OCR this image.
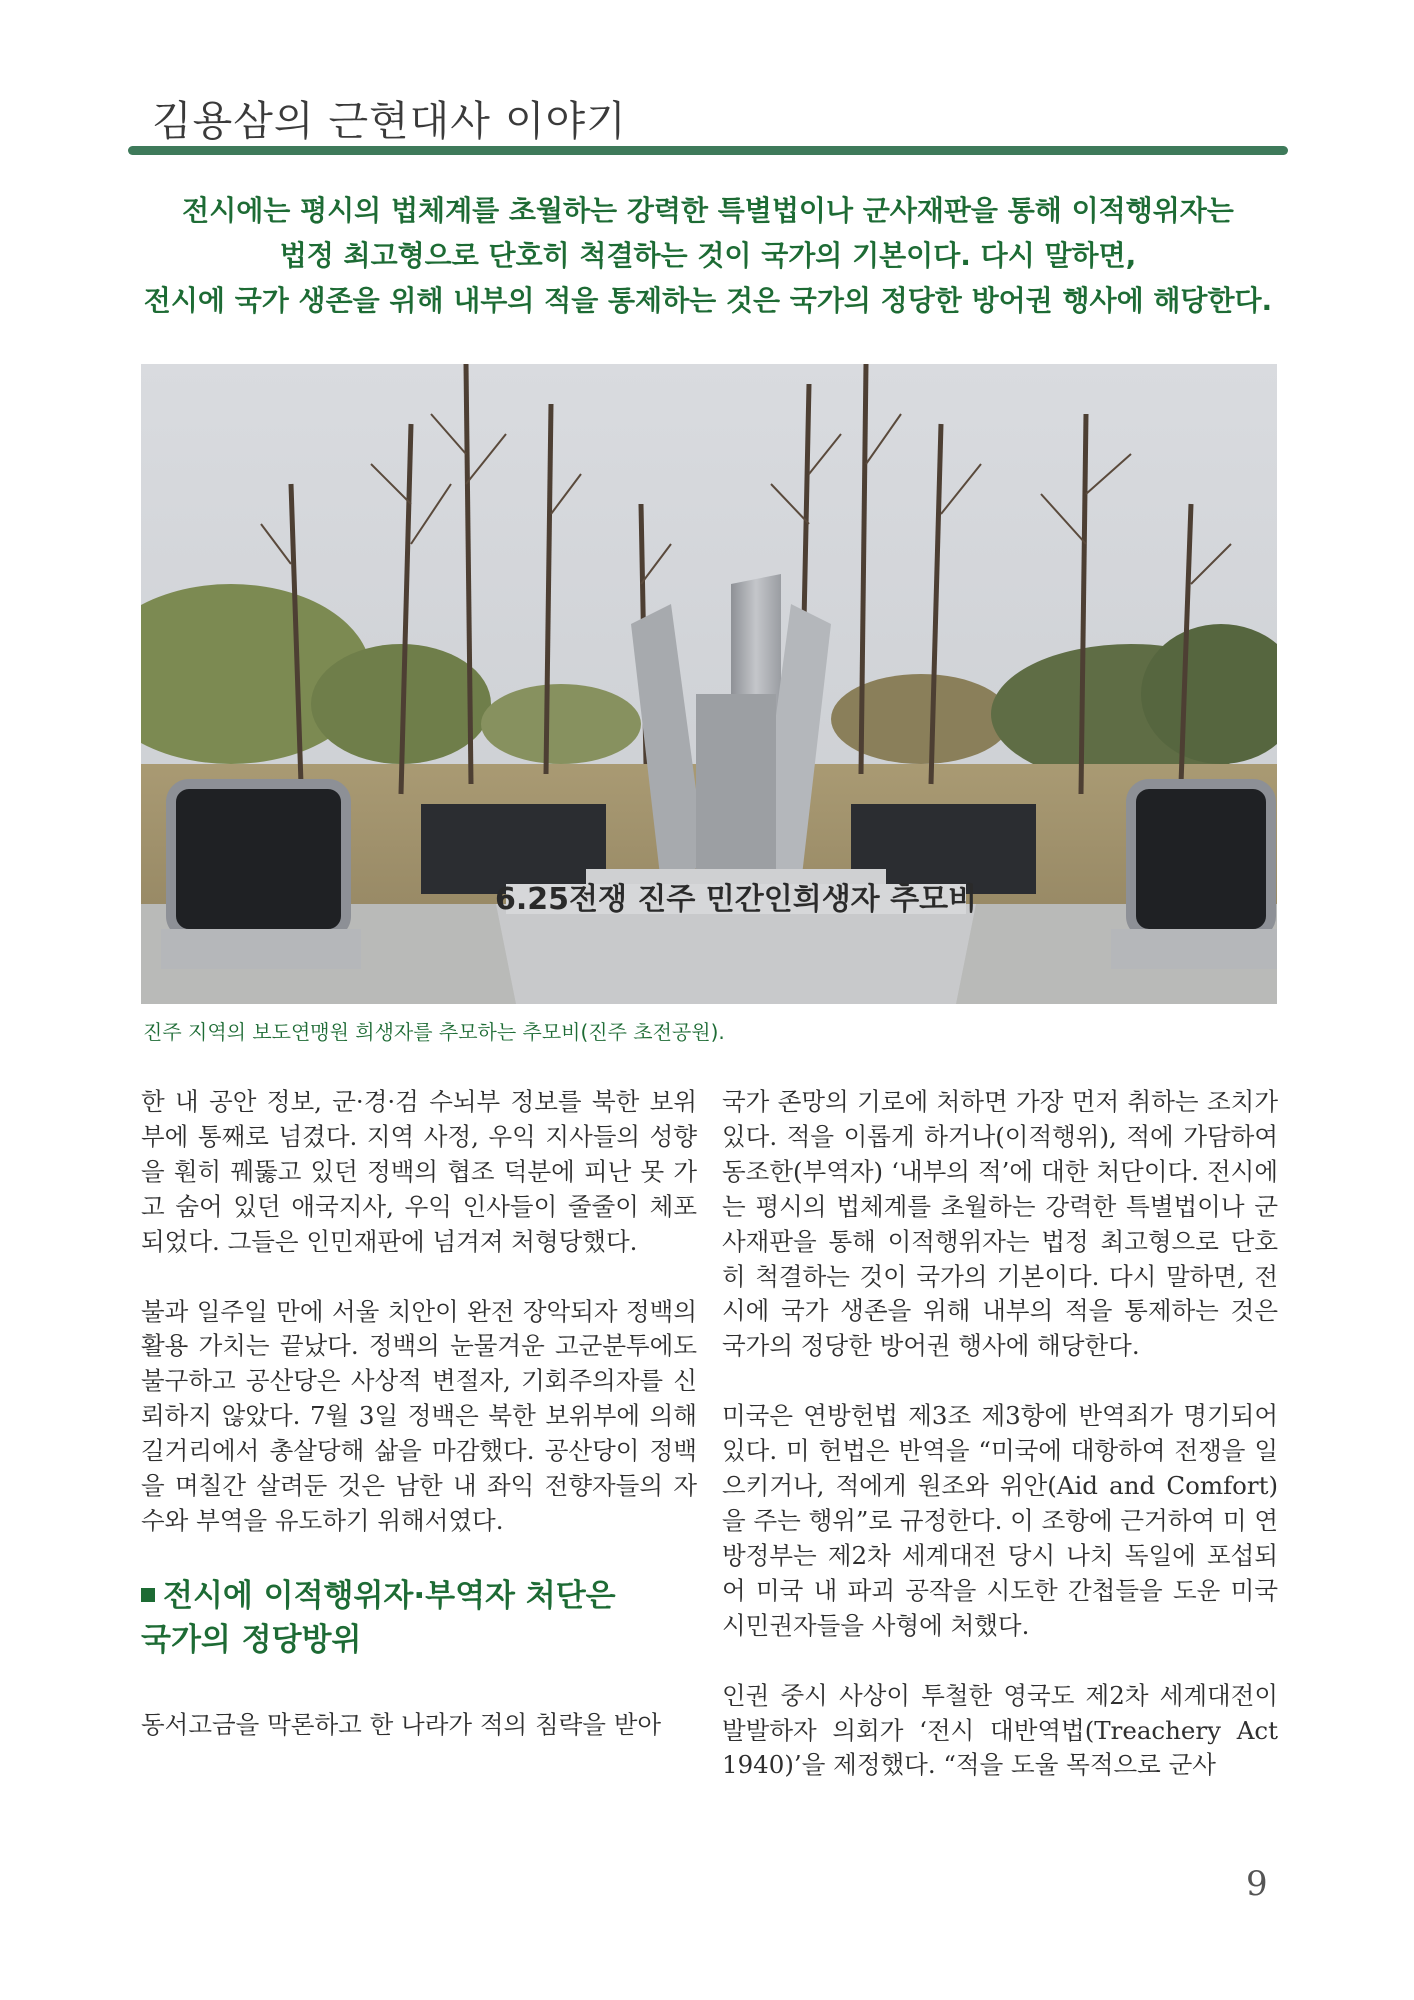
김용삼의 근현대사 이야기
전시에는 평시의 법체계를 초월하는 강력한 특별법이나 군사재판을 통해 이적행위자는
법정 최고형으로 단호히 척결하는 것이 국가의 기본이다. 다시 말하면,
전시에 국가 생존을 위해 내부의 적을 통제하는 것은 국가의 정당한 방어권 행사에 해당한다.
6.25전쟁 진주 민간인희생자 추모비
진주 지역의 보도연맹원 희생자를 추모하는 추모비(진주 초전공원).

한 내 공안 정보, 군·경·검 수뇌부 정보를 북한 보위부에 통째로 넘겼다. 지역 사정, 우익 지사들의 성향을 훤히 꿰뚫고 있던 정백의 협조 덕분에 피난 못 가고 숨어 있던 애국지사, 우익 인사들이 줄줄이 체포되었다. 그들은 인민재판에 넘겨져 처형당했다.

불과 일주일 만에 서울 치안이 완전 장악되자 정백의 활용 가치는 끝났다. 정백의 눈물겨운 고군분투에도 불구하고 공산당은 사상적 변절자, 기회주의자를 신뢰하지 않았다. 7월 3일 정백은 북한 보위부에 의해 길거리에서 총살당해 삶을 마감했다. 공산당이 정백을 며칠간 살려둔 것은 남한 내 좌익 전향자들의 자수와 부역을 유도하기 위해서였다.

전시에 이적행위자·부역자 처단은
국가의 정당방위

동서고금을 막론하고 한 나라가 적의 침략을 받아

국가 존망의 기로에 처하면 가장 먼저 취하는 조치가 있다. 적을 이롭게 하거나(이적행위), 적에 가담하여 동조한(부역자) ‘내부의 적’에 대한 처단이다. 전시에는 평시의 법체계를 초월하는 강력한 특별법이나 군사재판을 통해 이적행위자는 법정 최고형으로 단호히 척결하는 것이 국가의 기본이다. 다시 말하면, 전시에 국가 생존을 위해 내부의 적을 통제하는 것은 국가의 정당한 방어권 행사에 해당한다.

미국은 연방헌법 제3조 제3항에 반역죄가 명기되어 있다. 미 헌법은 반역을 “미국에 대항하여 전쟁을 일으키거나, 적에게 원조와 위안(Aid and Comfort)을 주는 행위”로 규정한다. 이 조항에 근거하여 미 연방정부는 제2차 세계대전 당시 나치 독일에 포섭되어 미국 내 파괴 공작을 시도한 간첩들을 도운 미국 시민권자들을 사형에 처했다.

인권 중시 사상이 투철한 영국도 제2차 세계대전이 발발하자 의회가 ‘전시 대반역법(Treachery Act 1940)’을 제정했다. “적을 도울 목적으로 군사

9
